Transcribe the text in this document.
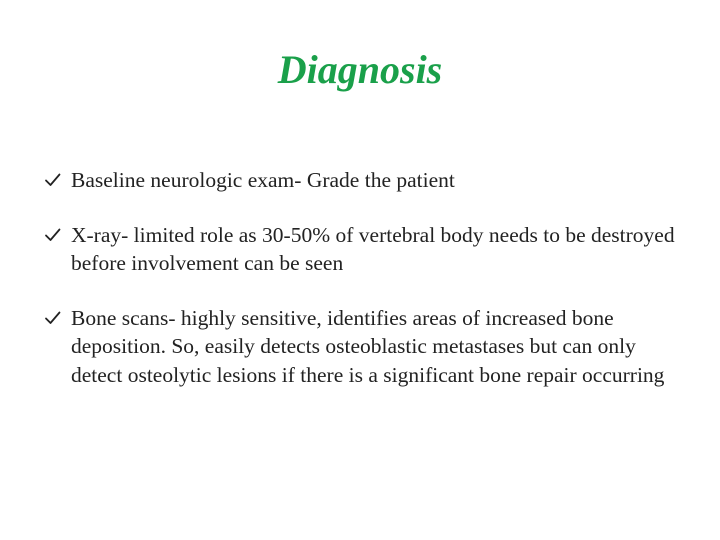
Diagnosis
Baseline neurologic exam- Grade the patient
X-ray- limited role as 30-50% of vertebral body needs to be destroyed before involvement can be seen
Bone scans- highly sensitive, identifies areas of increased bone deposition. So, easily detects osteoblastic metastases but can only detect osteolytic lesions if there is a significant bone repair occurring
